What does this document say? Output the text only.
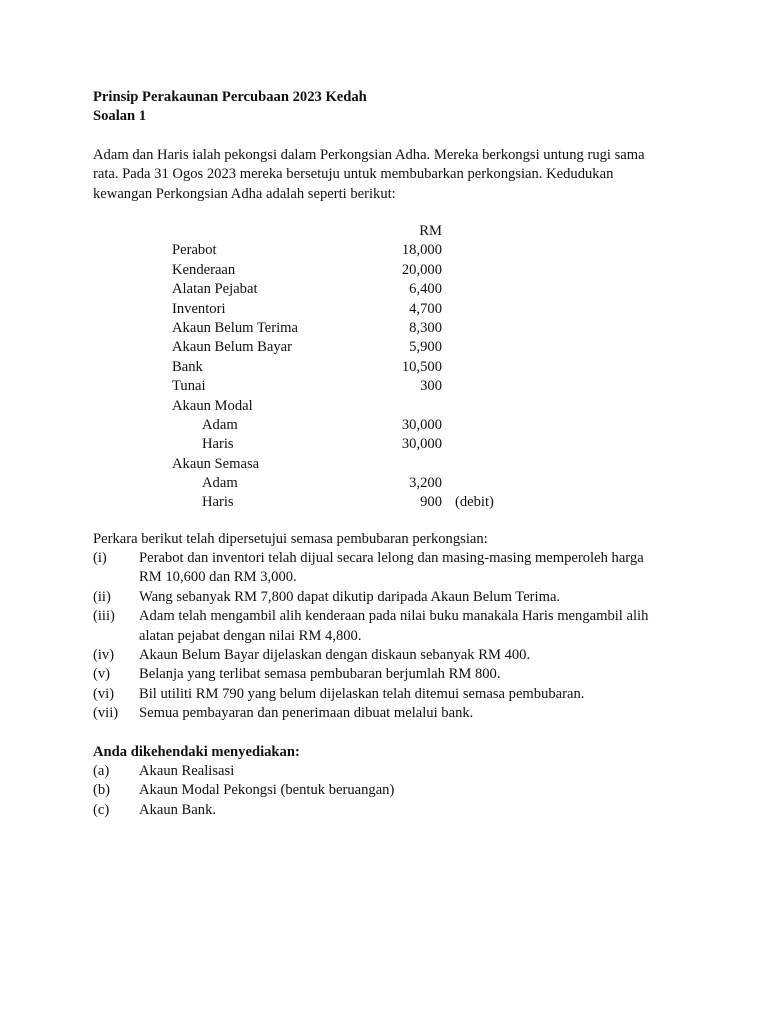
Prinsip Perakaunan Percubaan 2023 Kedah
Soalan 1
Adam dan Haris ialah pekongsi dalam Perkongsian Adha. Mereka berkongsi untung rugi sama
rata. Pada 31 Ogos 2023 mereka bersetuju untuk membubarkan perkongsian. Kedudukan
kewangan Perkongsian Adha adalah seperti berikut:
RM
Perabot	18,000
Kenderaan	20,000
Alatan Pejabat	6,400
Inventori	4,700
Akaun Belum Terima	8,300
Akaun Belum Bayar	5,900
Bank	10,500
Tunai	300
Akaun Modal
Adam	30,000
Haris	30,000
Akaun Semasa
Adam	3,200
Haris	900 (debit)
Perkara berikut telah dipersetujui semasa pembubaran perkongsian:
(i) Perabot dan inventori telah dijual secara lelong dan masing-masing memperoleh harga
RM 10,600 dan RM 3,000.
(ii) Wang sebanyak RM 7,800 dapat dikutip daripada Akaun Belum Terima.
(iii) Adam telah mengambil alih kenderaan pada nilai buku manakala Haris mengambil alih
alatan pejabat dengan nilai RM 4,800.
(iv) Akaun Belum Bayar dijelaskan dengan diskaun sebanyak RM 400.
(v) Belanja yang terlibat semasa pembubaran berjumlah RM 800.
(vi) Bil utiliti RM 790 yang belum dijelaskan telah ditemui semasa pembubaran.
(vii) Semua pembayaran dan penerimaan dibuat melalui bank.
Anda dikehendaki menyediakan:
(a) Akaun Realisasi
(b) Akaun Modal Pekongsi (bentuk beruangan)
(c) Akaun Bank.
